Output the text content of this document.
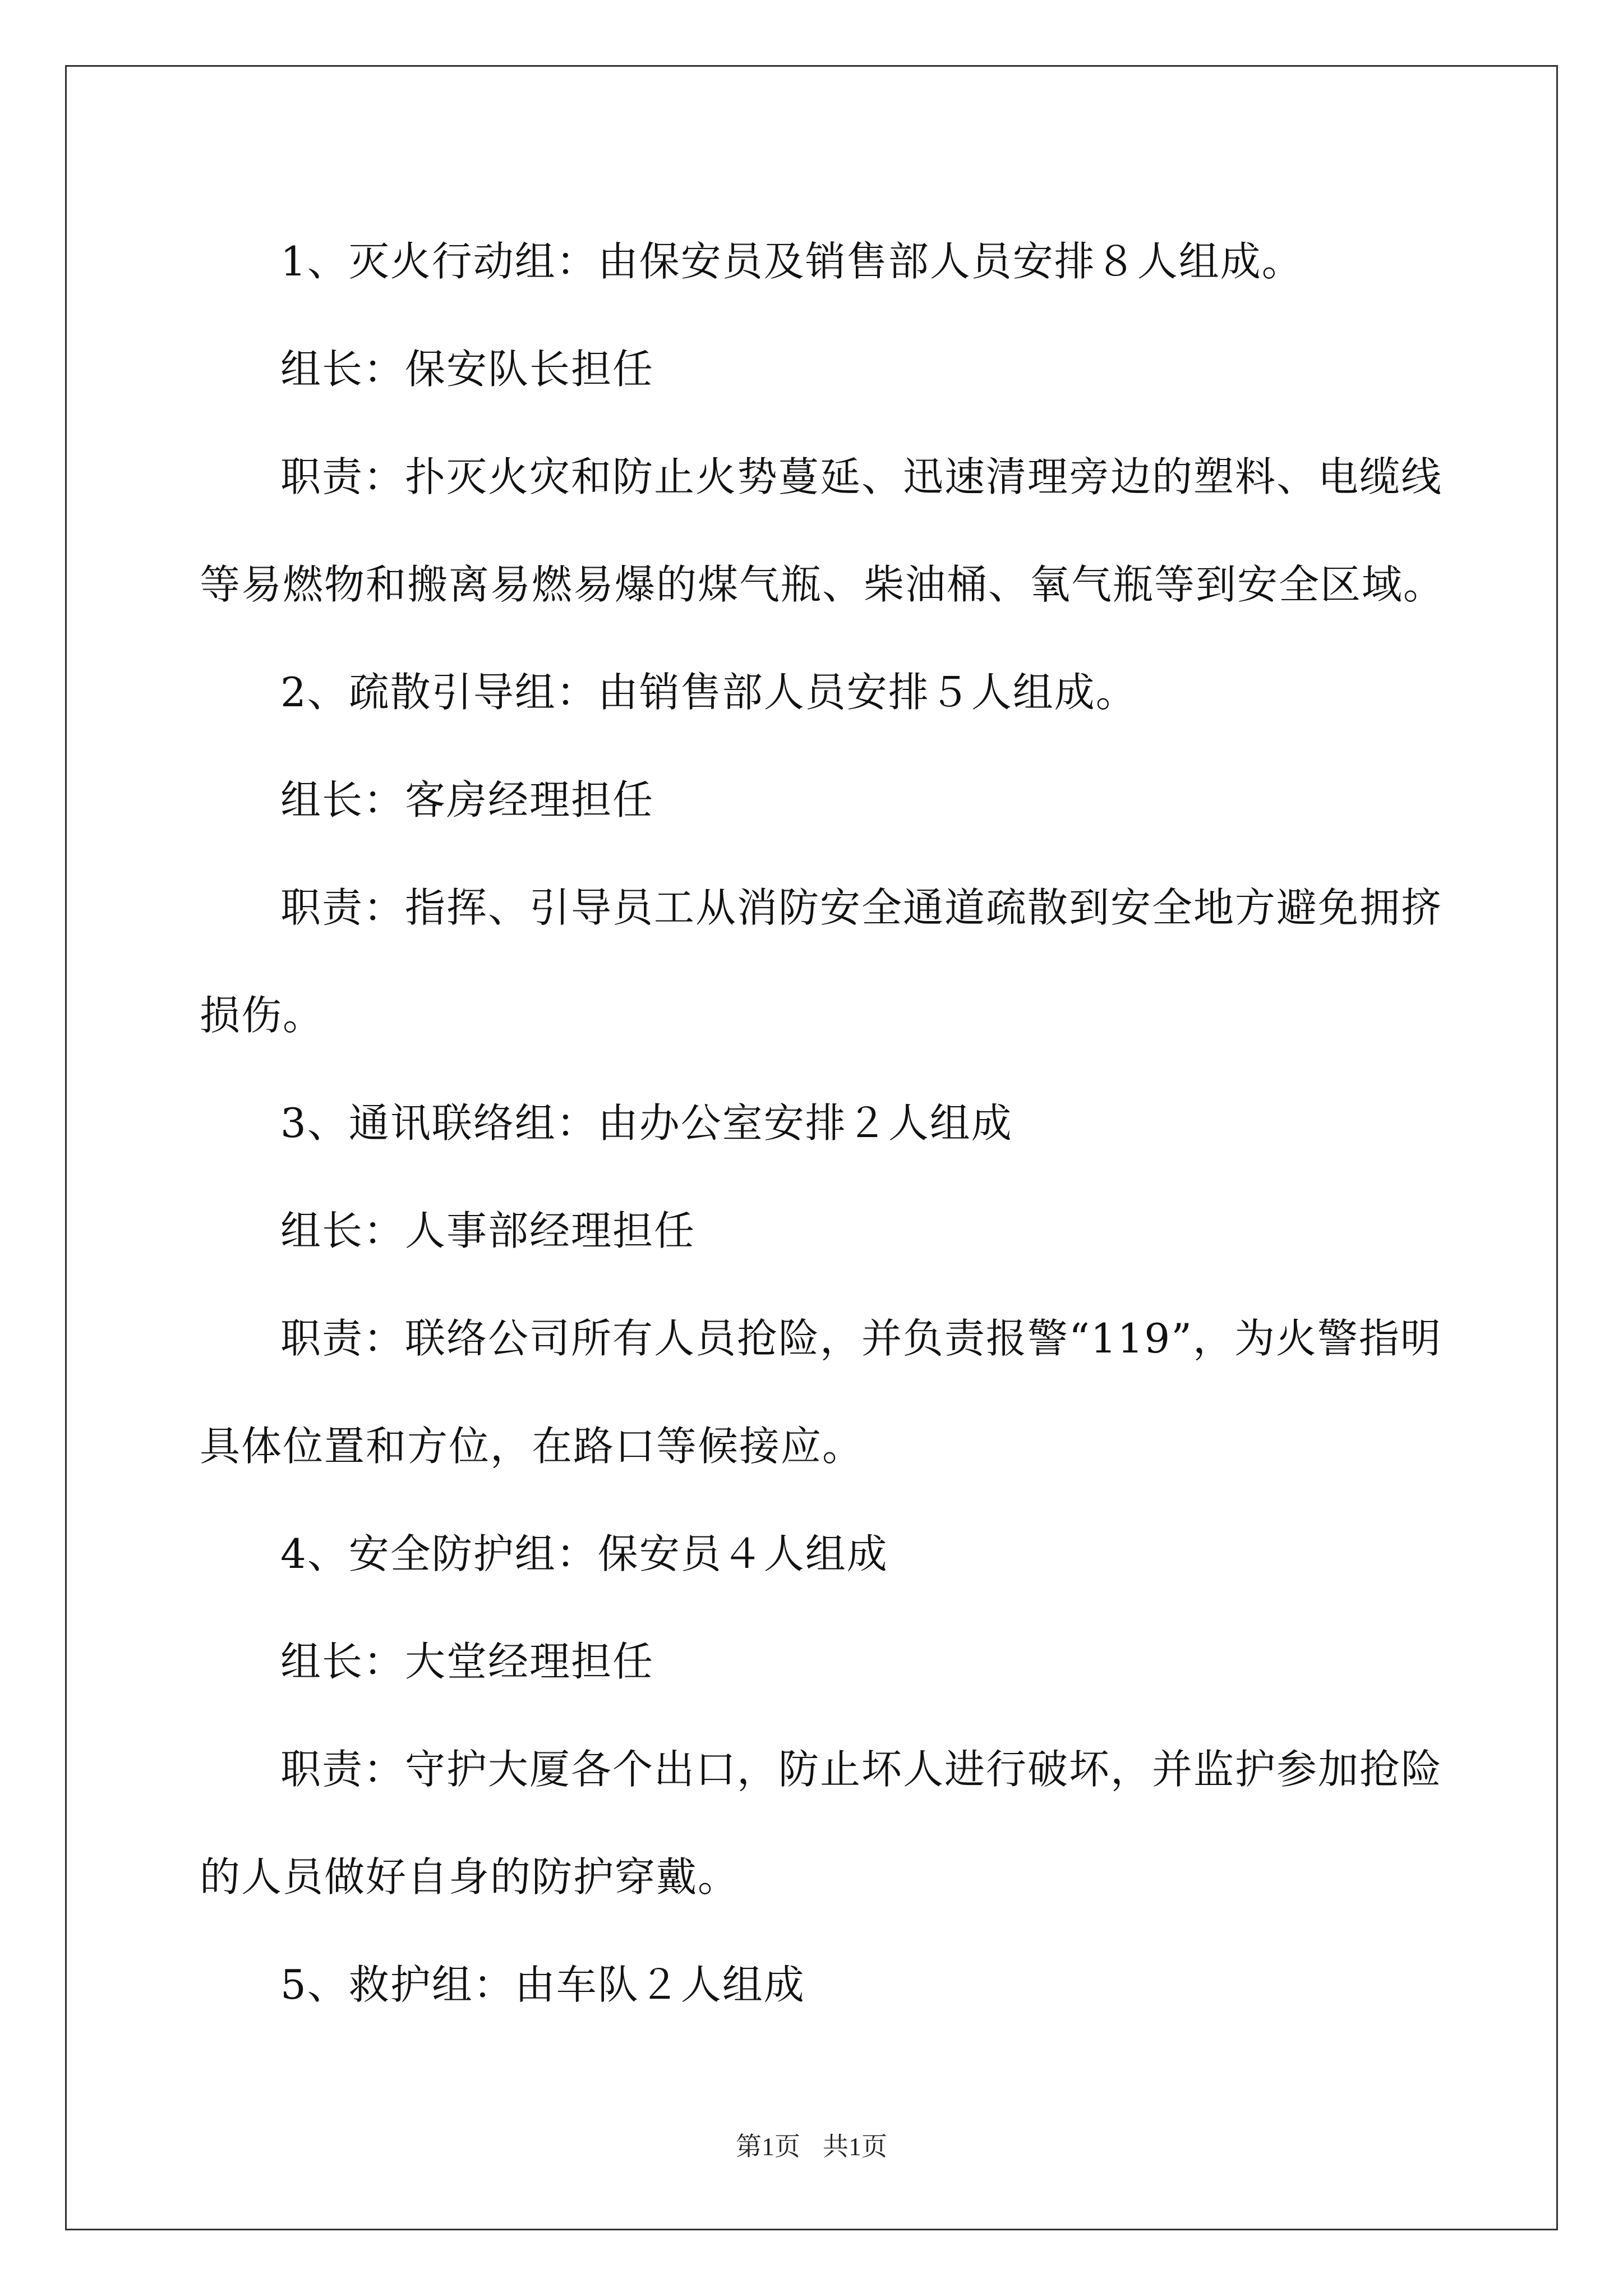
1、灭火行动组：由保安员及销售部人员安排８人组成。

组长：保安队长担任

职责：扑灭火灾和防止火势蔓延、迅速清理旁边的塑料、电缆线

等易燃物和搬离易燃易爆的煤气瓶、柴油桶、氧气瓶等到安全区域。

2、疏散引导组：由销售部人员安排５人组成。

组长：客房经理担任

职责：指挥、引导员工从消防安全通道疏散到安全地方避免拥挤

损伤。

3、通讯联络组：由办公室安排２人组成

组长：人事部经理担任

职责：联络公司所有人员抢险，并负责报警“119”，为火警指明

具体位置和方位，在路口等候接应。

4、安全防护组：保安员４人组成

组长：大堂经理担任

职责：守护大厦各个出口，防止坏人进行破坏，并监护参加抢险

的人员做好自身的防护穿戴。

5、救护组：由车队２人组成

第1页 共1页
